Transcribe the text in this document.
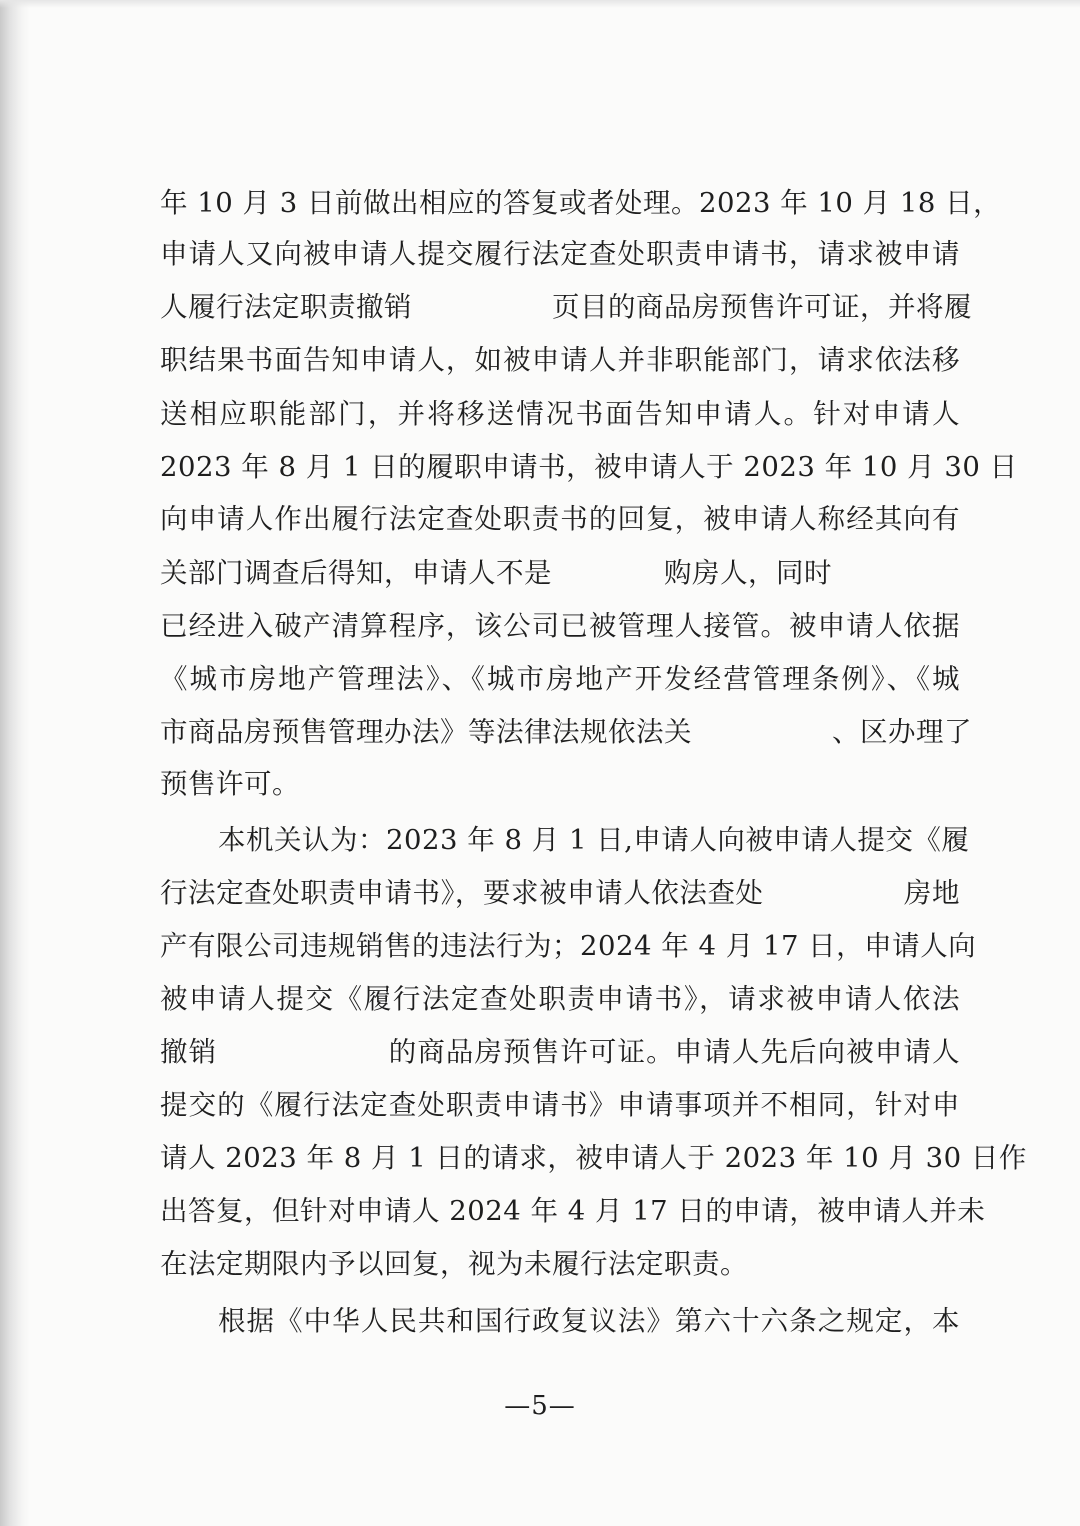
年 10 月 3 日前做出相应的答复或者处理。2023 年 10 月 18 日，
申请人又向被申请人提交履行法定查处职责申请书，请求被申请
人履行法定职责撤销　　　　　页目的商品房预售许可证，并将履
职结果书面告知申请人，如被申请人并非职能部门，请求依法移
送相应职能部门，并将移送情况书面告知申请人。针对申请人
2023 年 8 月 1 日的履职申请书，被申请人于 2023 年 10 月 30 日
向申请人作出履行法定查处职责书的回复，被申请人称经其向有
关部门调查后得知，申请人不是　　　　购房人，同时
已经进入破产清算程序，该公司已被管理人接管。被申请人依据
《城市房地产管理法》、《城市房地产开发经营管理条例》、《城
市商品房预售管理办法》等法律法规依法关　　　　　、区办理了
预售许可。
本机关认为：2023 年 8 月 1 日,申请人向被申请人提交《履
行法定查处职责申请书》，要求被申请人依法查处　　　　　房地
产有限公司违规销售的违法行为；2024 年 4 月 17 日，申请人向
被申请人提交《履行法定查处职责申请书》，请求被申请人依法
撤销　　　　　　的商品房预售许可证。申请人先后向被申请人
提交的《履行法定查处职责申请书》申请事项并不相同，针对申
请人 2023 年 8 月 1 日的请求，被申请人于 2023 年 10 月 30 日作
出答复，但针对申请人 2024 年 4 月 17 日的申请，被申请人并未
在法定期限内予以回复，视为未履行法定职责。
根据《中华人民共和国行政复议法》第六十六条之规定，本
—5—
